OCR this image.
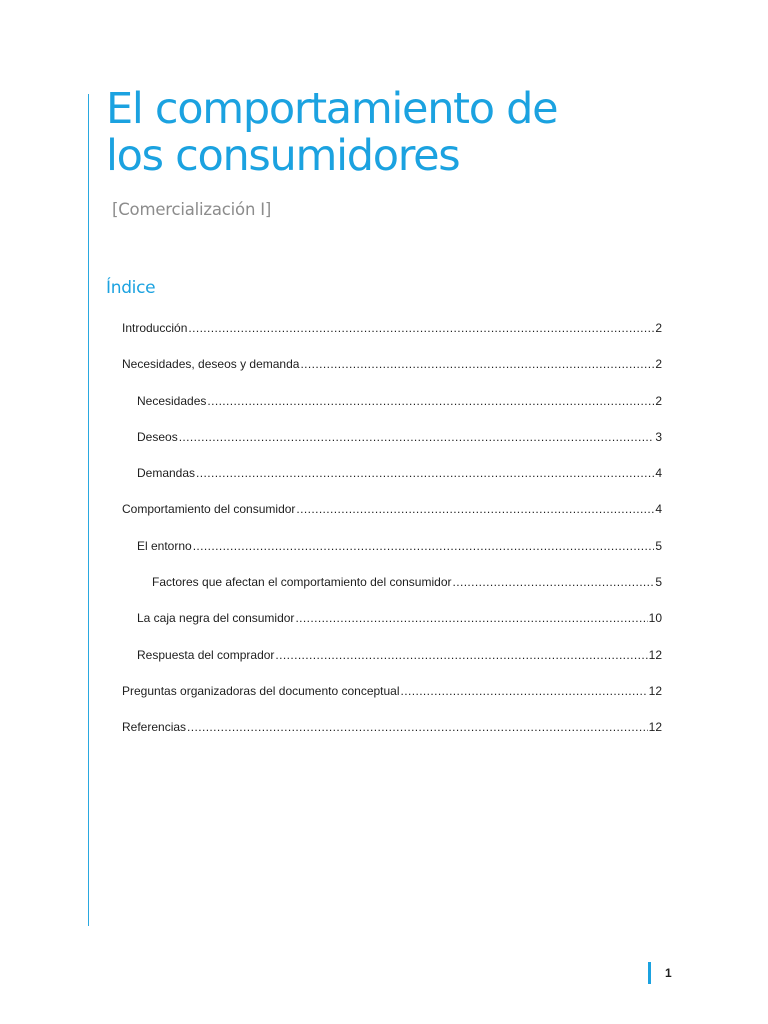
El comportamiento de
los consumidores

[Comercialización I]

Índice
Introducción .....	2
Necesidades, deseos y demanda .....	2
Necesidades .....	2
Deseos .....	3
Demandas .....	4
Comportamiento del consumidor .....	4
El entorno .....	5
Factores que afectan el comportamiento del consumidor .....	5
La caja negra del consumidor .....	10
Respuesta del comprador .....	12
Preguntas organizadoras del documento conceptual .....	12
Referencias .....	12
1
